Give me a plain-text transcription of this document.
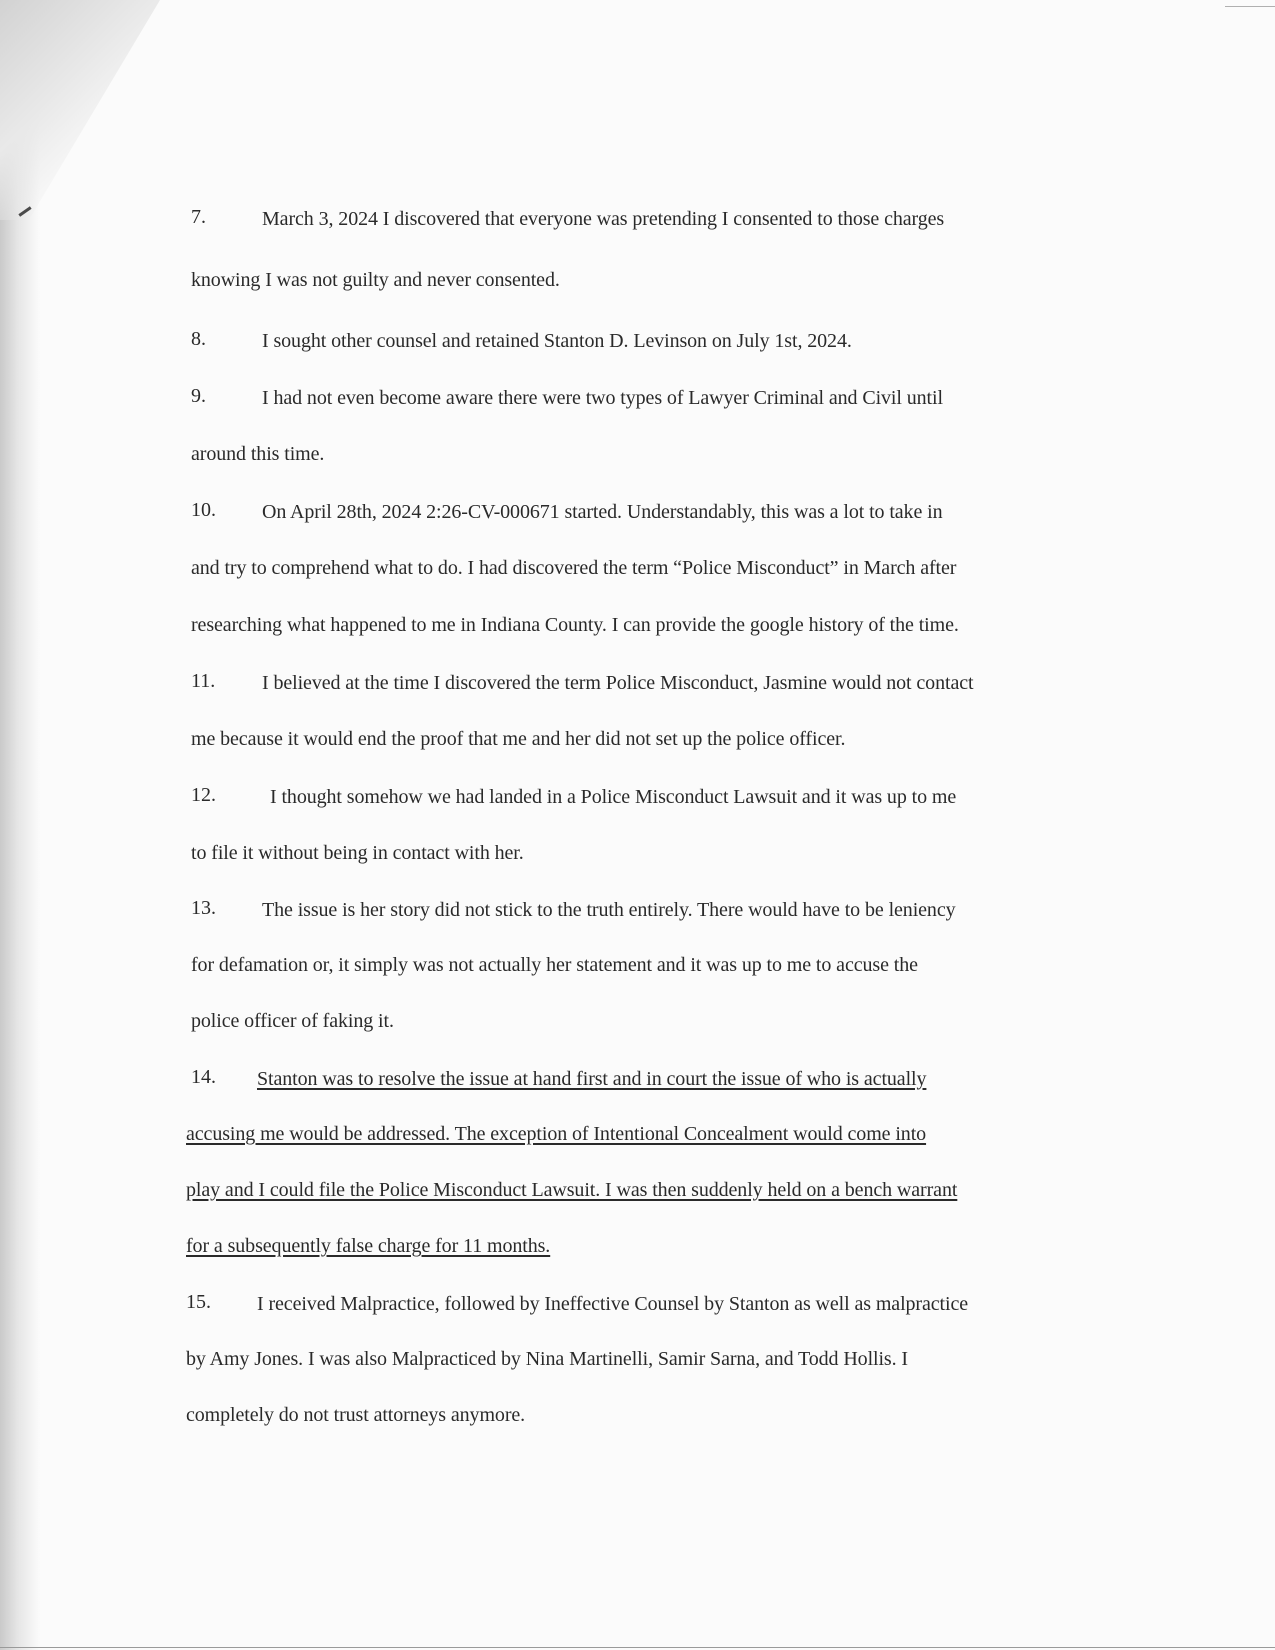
7.	March 3, 2024 I discovered that everyone was pretending I consented to those charges
knowing I was not guilty and never consented.
8.	I sought other counsel and retained Stanton D. Levinson on July 1st, 2024.
9.	I had not even become aware there were two types of Lawyer Criminal and Civil until
around this time.
10. On April 28th, 2024 2:26-CV-000671 started. Understandably, this was a lot to take in
and try to comprehend what to do. I had discovered the term “Police Misconduct” in March after
researching what happened to me in Indiana County. I can provide the google history of the time.
11. I believed at the time I discovered the term Police Misconduct, Jasmine would not contact
me because it would end the proof that me and her did not set up the police officer.
12.	I thought somehow we had landed in a Police Misconduct Lawsuit and it was up to me
to file it without being in contact with her.
13. The issue is her story did not stick to the truth entirely. There would have to be leniency
for defamation or, it simply was not actually her statement and it was up to me to accuse the
police officer of faking it.
14. Stanton was to resolve the issue at hand first and in court the issue of who is actually
accusing me would be addressed. The exception of Intentional Concealment would come into
play and I could file the Police Misconduct Lawsuit. I was then suddenly held on a bench warrant
for a subsequently false charge for 11 months.
15. I received Malpractice, followed by Ineffective Counsel by Stanton as well as malpractice
by Amy Jones. I was also Malpracticed by Nina Martinelli, Samir Sarna, and Todd Hollis. I
completely do not trust attorneys anymore.
